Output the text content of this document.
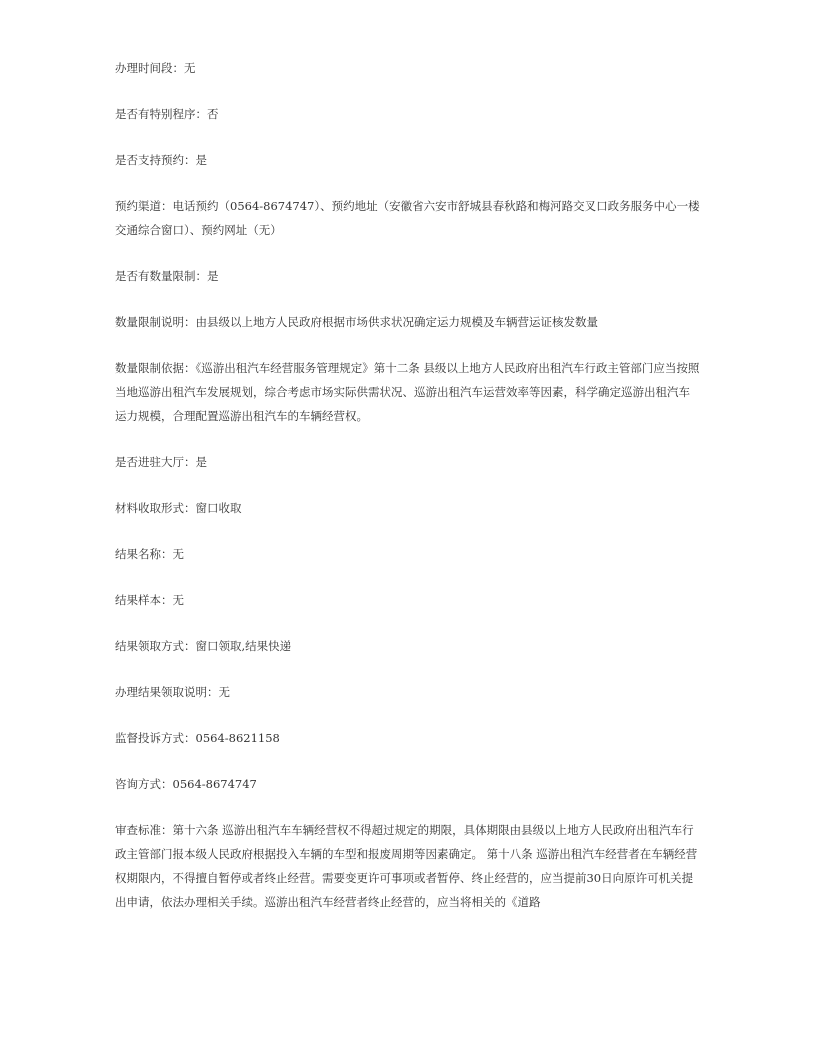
办理时间段：无

是否有特别程序：否

是否支持预约：是

预约渠道：电话预约（0564-8674747）、预约地址（安徽省六安市舒城县春秋路和梅河路交叉口政务服务中心一楼交通综合窗口）、预约网址（无）

是否有数量限制：是

数量限制说明：由县级以上地方人民政府根据市场供求状况确定运力规模及车辆营运证核发数量

数量限制依据：《巡游出租汽车经营服务管理规定》第十二条 县级以上地方人民政府出租汽车行政主管部门应当按照当地巡游出租汽车发展规划，综合考虑市场实际供需状况、巡游出租汽车运营效率等因素，科学确定巡游出租汽车运力规模，合理配置巡游出租汽车的车辆经营权。

是否进驻大厅：是

材料收取形式：窗口收取

结果名称：无

结果样本：无

结果领取方式：窗口领取,结果快递

办理结果领取说明：无

监督投诉方式：0564-8621158

咨询方式：0564-8674747

审查标准：第十六条 巡游出租汽车车辆经营权不得超过规定的期限，具体期限由县级以上地方人民政府出租汽车行政主管部门报本级人民政府根据投入车辆的车型和报废周期等因素确定。 第十八条 巡游出租汽车经营者在车辆经营权期限内，不得擅自暂停或者终止经营。需要变更许可事项或者暂停、终止经营的，应当提前30日向原许可机关提出申请，依法办理相关手续。巡游出租汽车经营者终止经营的，应当将相关的《道路
